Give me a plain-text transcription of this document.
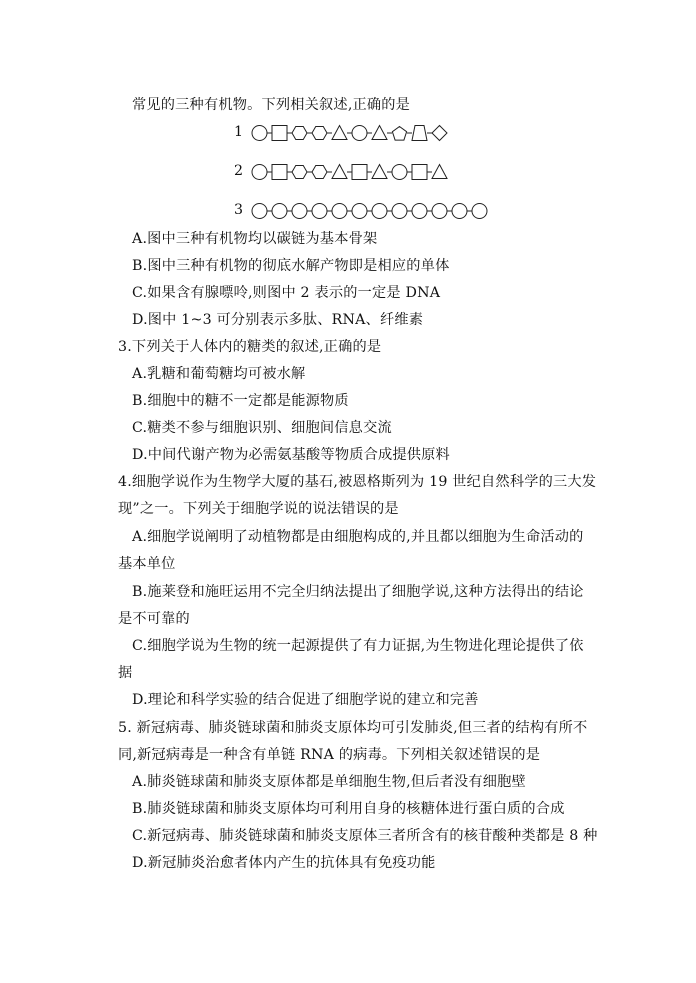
常见的三种有机物。下列相关叙述,正确的是
1
2
3
A.图中三种有机物均以碳链为基本骨架
B.图中三种有机物的彻底水解产物即是相应的单体
C.如果含有腺嘌呤,则图中 2 表示的一定是 DNA
D.图中 1~3 可分别表示多肽、RNA、纤维素
3.下列关于人体内的糖类的叙述,正确的是
A.乳糖和葡萄糖均可被水解
B.细胞中的糖不一定都是能源物质
C.糖类不参与细胞识别、细胞间信息交流
D.中间代谢产物为必需氨基酸等物质合成提供原料
4.细胞学说作为生物学大厦的基石,被恩格斯列为 19 世纪自然科学的三大发
现”之一。下列关于细胞学说的说法错误的是
A.细胞学说阐明了动植物都是由细胞构成的,并且都以细胞为生命活动的
基本单位
B.施莱登和施旺运用不完全归纳法提出了细胞学说,这种方法得出的结论
是不可靠的
C.细胞学说为生物的统一起源提供了有力证据,为生物进化理论提供了依
据
D.理论和科学实验的结合促进了细胞学说的建立和完善
5. 新冠病毒、肺炎链球菌和肺炎支原体均可引发肺炎,但三者的结构有所不
同,新冠病毒是一种含有单链 RNA 的病毒。下列相关叙述错误的是
A.肺炎链球菌和肺炎支原体都是单细胞生物,但后者没有细胞壁
B.肺炎链球菌和肺炎支原体均可利用自身的核糖体进行蛋白质的合成
C.新冠病毒、肺炎链球菌和肺炎支原体三者所含有的核苷酸种类都是 8 种
D.新冠肺炎治愈者体内产生的抗体具有免疫功能
